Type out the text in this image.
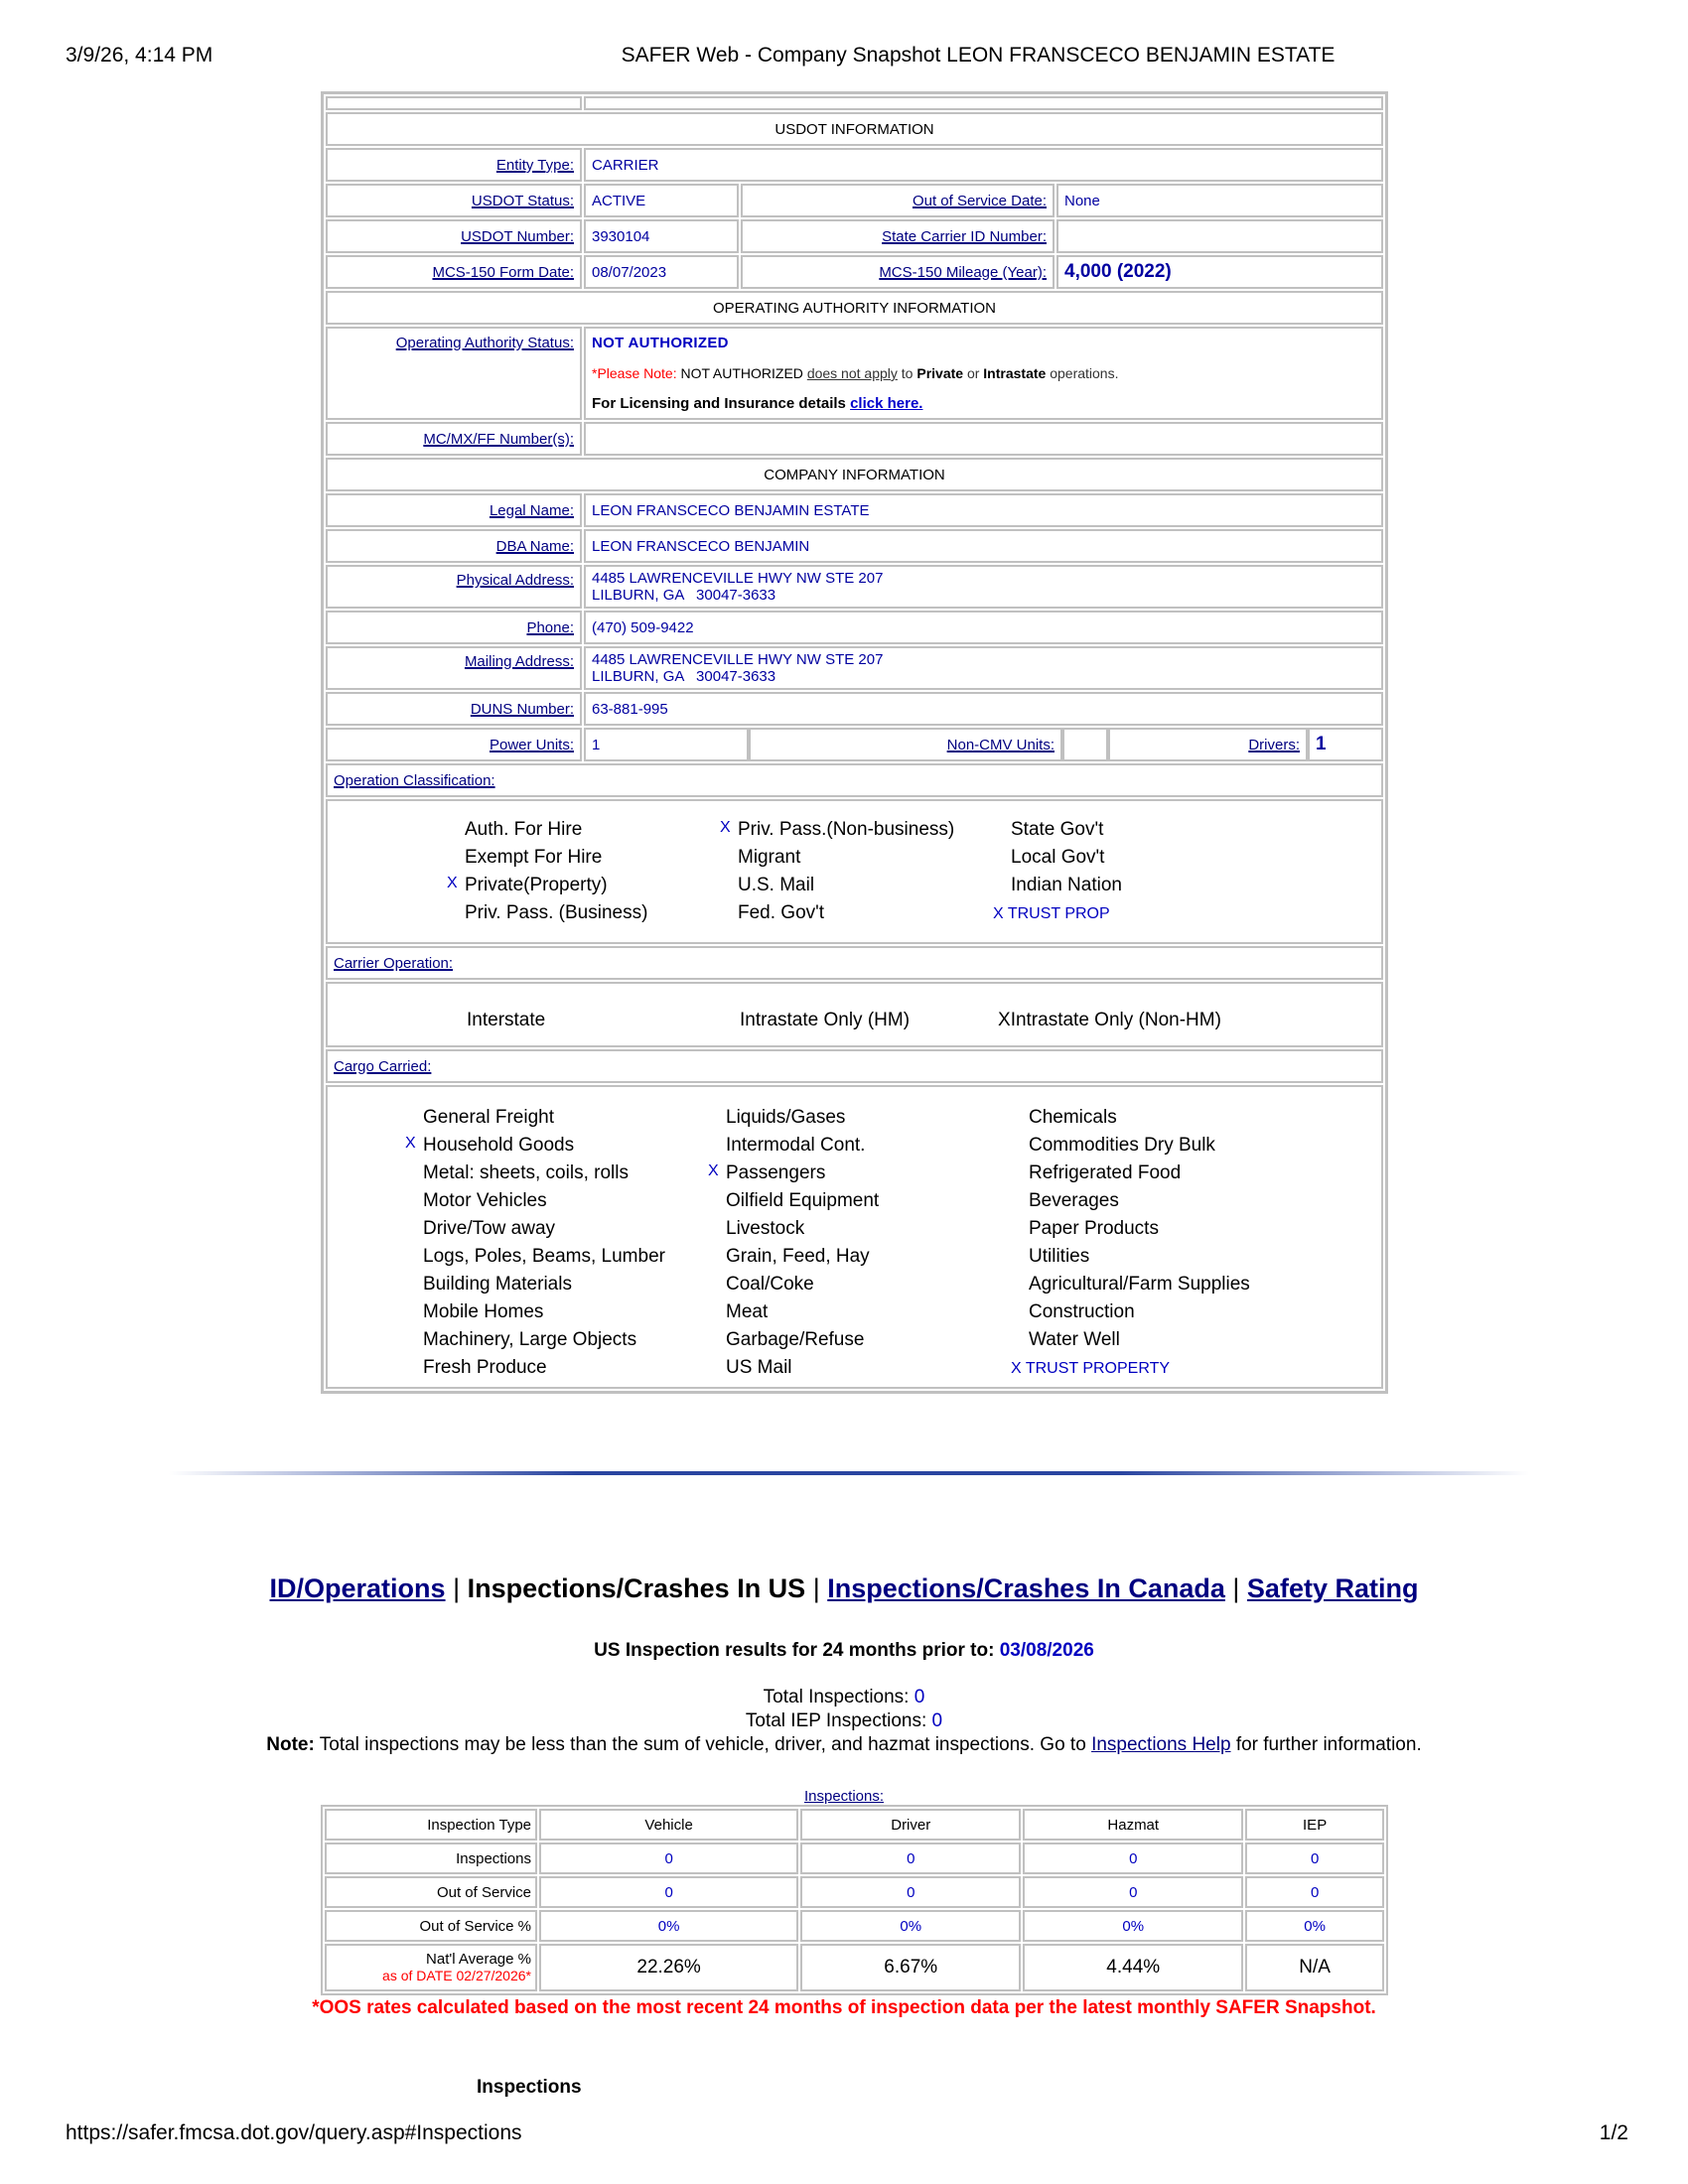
3/9/26, 4:14 PM	SAFER Web - Company Snapshot LEON FRANSCECO BENJAMIN ESTATE

USDOT INFORMATION
Entity Type:	CARRIER
USDOT Status:	ACTIVE	Out of Service Date:	None
USDOT Number:	3930104	State Carrier ID Number:	
MCS-150 Form Date:	08/07/2023	MCS-150 Mileage (Year):	4,000 (2022)
OPERATING AUTHORITY INFORMATION
Operating Authority Status:	NOT AUTHORIZED
*Please Note: NOT AUTHORIZED does not apply to Private or Intrastate operations.
For Licensing and Insurance details click here.

MC/MX/FF Number(s):	
COMPANY INFORMATION
Legal Name:	LEON FRANSCECO BENJAMIN ESTATE
DBA Name:	LEON FRANSCECO BENJAMIN
Physical Address:	4485 LAWRENCEVILLE HWY NW STE 207
LILBURN, GA   30047-3633

Phone:	(470) 509-9422
Mailing Address:	4485 LAWRENCEVILLE HWY NW STE 207
LILBURN, GA   30047-3633

DUNS Number:	63-881-995
Power Units:	1	Non-CMV Units:		Drivers:	1

Operation Classification:

Auth. For Hire	X Priv. Pass.(Non-business)	State Gov't
Exempt For Hire	Migrant	Local Gov't
X Private(Property)	U.S. Mail	Indian Nation
Priv. Pass. (Business)	Fed. Gov't	X TRUST PROP

Carrier Operation:

Interstate	Intrastate Only (HM)	XIntrastate Only (Non-HM)

Cargo Carried:

General Freight	Liquids/Gases	Chemicals
X Household Goods	Intermodal Cont.	Commodities Dry Bulk
Metal: sheets, coils, rolls	X Passengers	Refrigerated Food
Motor Vehicles	Oilfield Equipment	Beverages
Drive/Tow away	Livestock	Paper Products
Logs, Poles, Beams, Lumber	Grain, Feed, Hay	Utilities
Building Materials	Coal/Coke	Agricultural/Farm Supplies
Mobile Homes	Meat	Construction
Machinery, Large Objects	Garbage/Refuse	Water Well
Fresh Produce	US Mail	X TRUST PROPERTY
ID/Operations | Inspections/Crashes In US | Inspections/Crashes In Canada | Safety Rating
US Inspection results for 24 months prior to: 03/08/2026
Total Inspections: 0
Total IEP Inspections: 0
Note: Total inspections may be less than the sum of vehicle, driver, and hazmat inspections. Go to Inspections Help for further information.
Inspections:
Inspection Type	Vehicle	Driver	Hazmat	IEP
Inspections	0	0	0	0
Out of Service	0	0	0	0
Out of Service %	0%	0%	0%	0%

Nat'l Average %
as of DATE 02/27/2026*	22.26%	6.67%	4.44%	N/A
*OOS rates calculated based on the most recent 24 months of inspection data per the latest monthly SAFER Snapshot.
Inspections
https://safer.fmcsa.dot.gov/query.asp#Inspections	1/2
